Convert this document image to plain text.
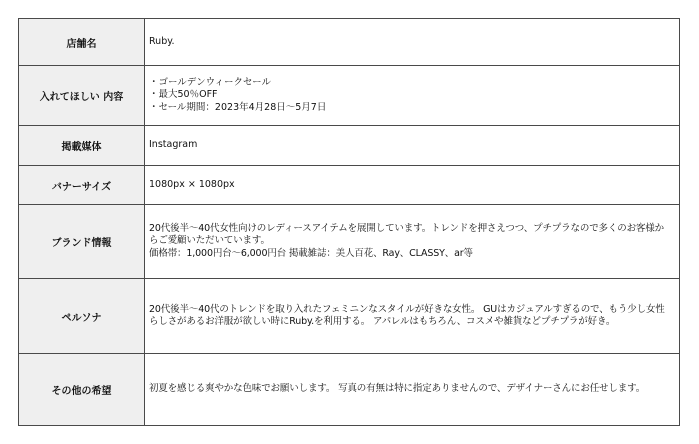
店舗名	Ruby.
入れてほしい 内容	・ゴールデンウィークセール
・最大50％OFF
・セール期間：2023年4月28日～5月7日

掲載媒体	Instagram
バナーサイズ	1080px × 1080px
ブランド情報	20代後半～40代女性向けのレディースアイテムを展開しています。トレンドを押さえつつ、プチプラなので多くのお客様からご愛顧いただいています。
価格帯：1,000円台～6,000円台 掲載雑誌：美人百花、Ray、CLASSY、ar等

ペルソナ	20代後半～40代のトレンドを取り入れたフェミニンなスタイルが好きな女性。 GUはカジュアルすぎるので、もう少し女性らしさがあるお洋服が欲しい時にRuby.を利用する。 アパレルはもちろん、コスメや雑貨などプチプラが好き。

その他の希望	初夏を感じる爽やかな色味でお願いします。 写真の有無は特に指定ありませんので、デザイナーさんにお任せします。
